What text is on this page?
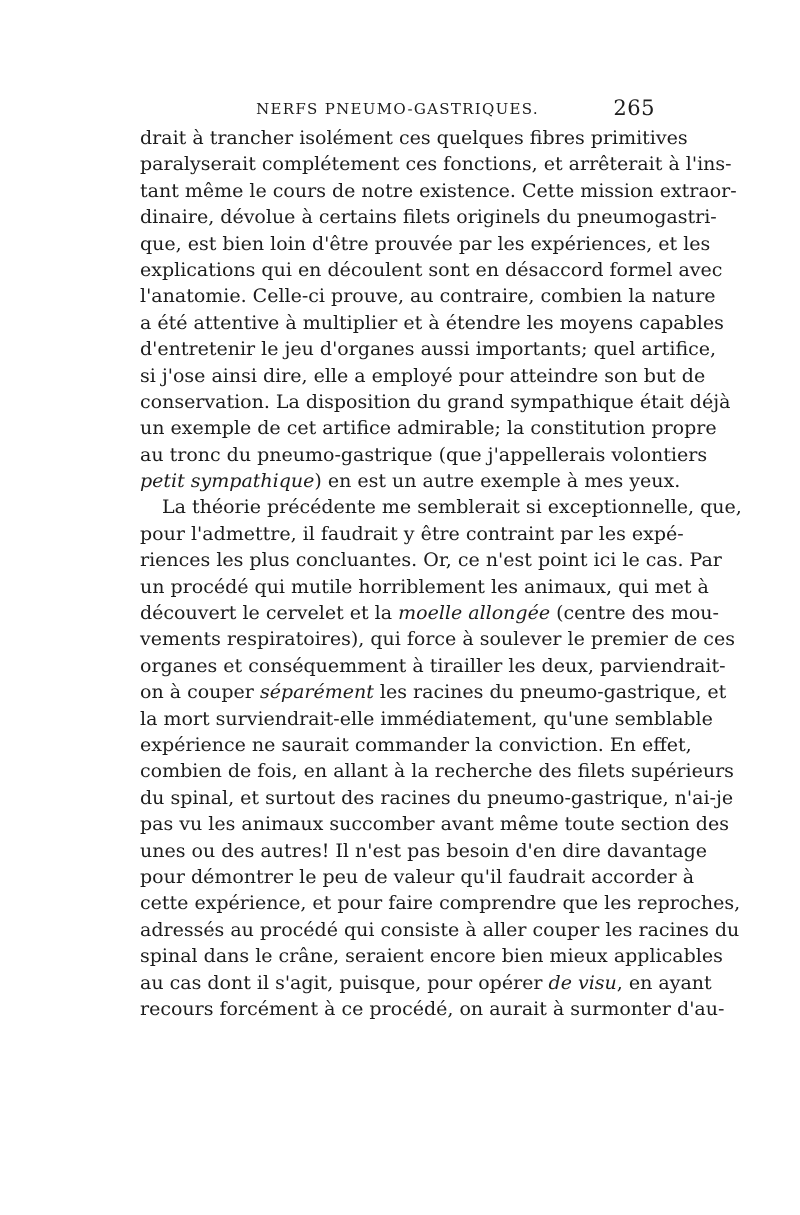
NERFS PNEUMO-GASTRIQUES.	265
drait à trancher isolément ces quelques fibres primitives
paralyserait complétement ces fonctions, et arrêterait à l'ins-
tant même le cours de notre existence. Cette mission extraor-
dinaire, dévolue à certains filets originels du pneumogastri-
que, est bien loin d'être prouvée par les expériences, et les
explications qui en découlent sont en désaccord formel avec
l'anatomie. Celle-ci prouve, au contraire, combien la nature
a été attentive à multiplier et à étendre les moyens capables
d'entretenir le jeu d'organes aussi importants; quel artifice,
si j'ose ainsi dire, elle a employé pour atteindre son but de
conservation. La disposition du grand sympathique était déjà
un exemple de cet artifice admirable; la constitution propre
au tronc du pneumo-gastrique (que j'appellerais volontiers
petit sympathique) en est un autre exemple à mes yeux.
La théorie précédente me semblerait si exceptionnelle, que,
pour l'admettre, il faudrait y être contraint par les expé-
riences les plus concluantes. Or, ce n'est point ici le cas. Par
un procédé qui mutile horriblement les animaux, qui met à
découvert le cervelet et la moelle allongée (centre des mou-
vements respiratoires), qui force à soulever le premier de ces
organes et conséquemment à tirailler les deux, parviendrait-
on à couper séparément les racines du pneumo-gastrique, et
la mort surviendrait-elle immédiatement, qu'une semblable
expérience ne saurait commander la conviction. En effet,
combien de fois, en allant à la recherche des filets supérieurs
du spinal, et surtout des racines du pneumo-gastrique, n'ai-je
pas vu les animaux succomber avant même toute section des
unes ou des autres! Il n'est pas besoin d'en dire davantage
pour démontrer le peu de valeur qu'il faudrait accorder à
cette expérience, et pour faire comprendre que les reproches,
adressés au procédé qui consiste à aller couper les racines du
spinal dans le crâne, seraient encore bien mieux applicables
au cas dont il s'agit, puisque, pour opérer de visu, en ayant
recours forcément à ce procédé, on aurait à surmonter d'au-
